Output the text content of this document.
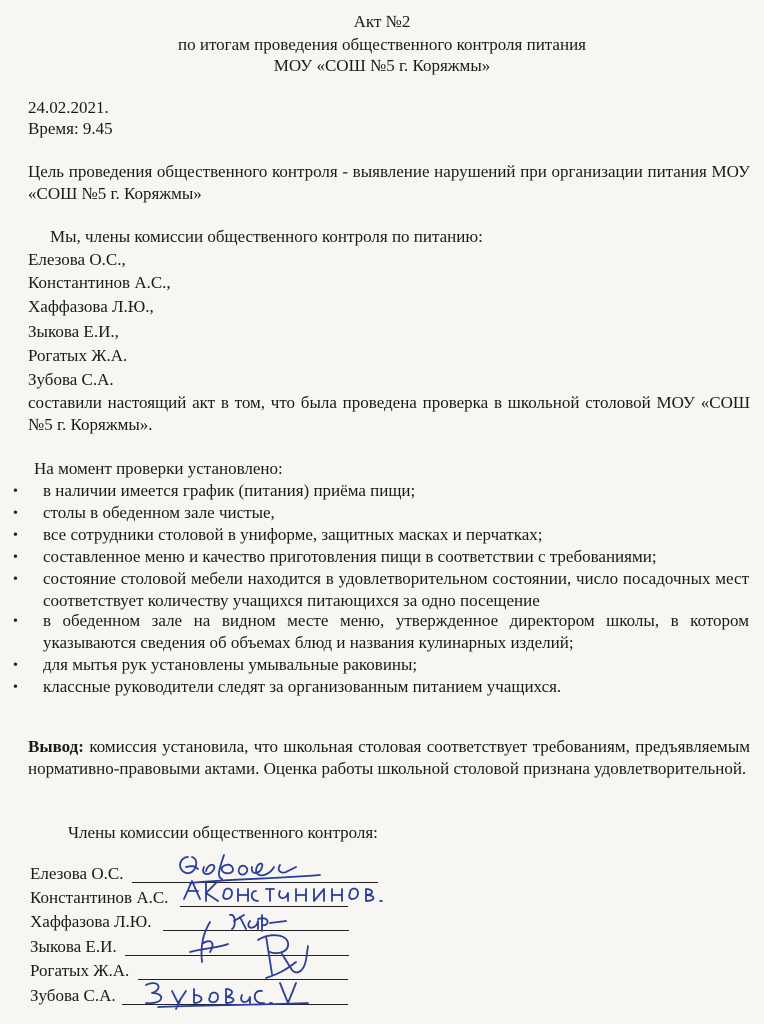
Акт №2
по итогам проведения общественного контроля питания
МОУ «СОШ №5 г. Коряжмы»
24.02.2021.
Время: 9.45
Цель проведения общественного контроля - выявление нарушений при организации питания МОУ «СОШ №5 г. Коряжмы»
Мы, члены комиссии общественного контроля по питанию:
Елезова О.С.,
Константинов А.С.,
Хаффазова Л.Ю.,
Зыкова Е.И.,
Рогатых Ж.А.
Зубова С.А.
составили настоящий акт в том, что была проведена проверка в школьной столовой МОУ «СОШ №5 г. Коряжмы».
На момент проверки установлено:
• в наличии имеется график (питания) приёма пищи;
• столы в обеденном зале чистые,
• все сотрудники столовой в униформе, защитных масках и перчатках;
• составленное меню и качество приготовления пищи в соответствии с требованиями;
• состояние столовой мебели находится в удовлетворительном состоянии, число посадочных мест соответствует количеству учащихся питающихся за одно посещение
• в обеденном зале на видном месте меню, утвержденное директором школы, в котором указываются сведения об объемах блюд и названия кулинарных изделий;
• для мытья рук установлены умывальные раковины;
• классные руководители следят за организованным питанием учащихся.
Вывод: комиссия установила, что школьная столовая соответствует требованиям, предъявляемым нормативно-правовыми актами. Оценка работы школьной столовой признана удовлетворительной.
Члены комиссии общественного контроля:
Елезова О.С.
Константинов А.С.
Хаффазова Л.Ю.
Зыкова Е.И.
Рогатых Ж.А.
Зубова С.А.
